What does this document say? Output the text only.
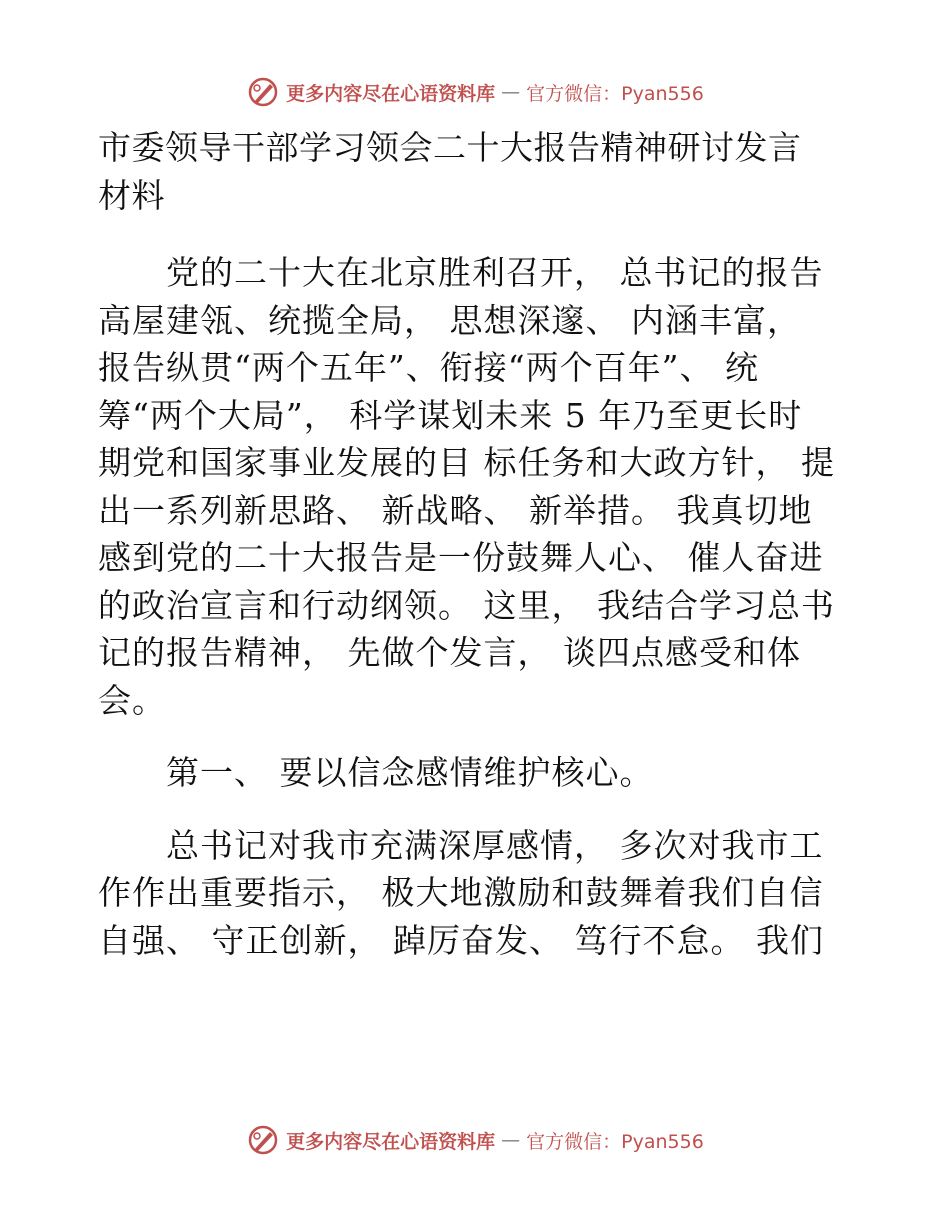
更多内容尽在心语资料库 — 官方微信：Pyan556
市委领导干部学习领会二十大报告精神研讨发言
材料
　　党的二十大在北京胜利召开， 总书记的报告
高屋建瓴、统揽全局， 思想深邃、 内涵丰富，
报告纵贯“两个五年”、衔接“两个百年”、 统
筹“两个大局”， 科学谋划未来 5 年乃至更长时
期党和国家事业发展的目 标任务和大政方针， 提
出一系列新思路、 新战略、 新举措。 我真切地
感到党的二十大报告是一份鼓舞人心、 催人奋进
的政治宣言和行动纲领。 这里， 我结合学习总书
记的报告精神， 先做个发言， 谈四点感受和体
会。
　　第一、 要以信念感情维护核心。
　　总书记对我市充满深厚感情， 多次对我市工
作作出重要指示， 极大地激励和鼓舞着我们自信
自强、 守正创新， 踔厉奋发、 笃行不怠。 我们
更多内容尽在心语资料库 — 官方微信：Pyan556
